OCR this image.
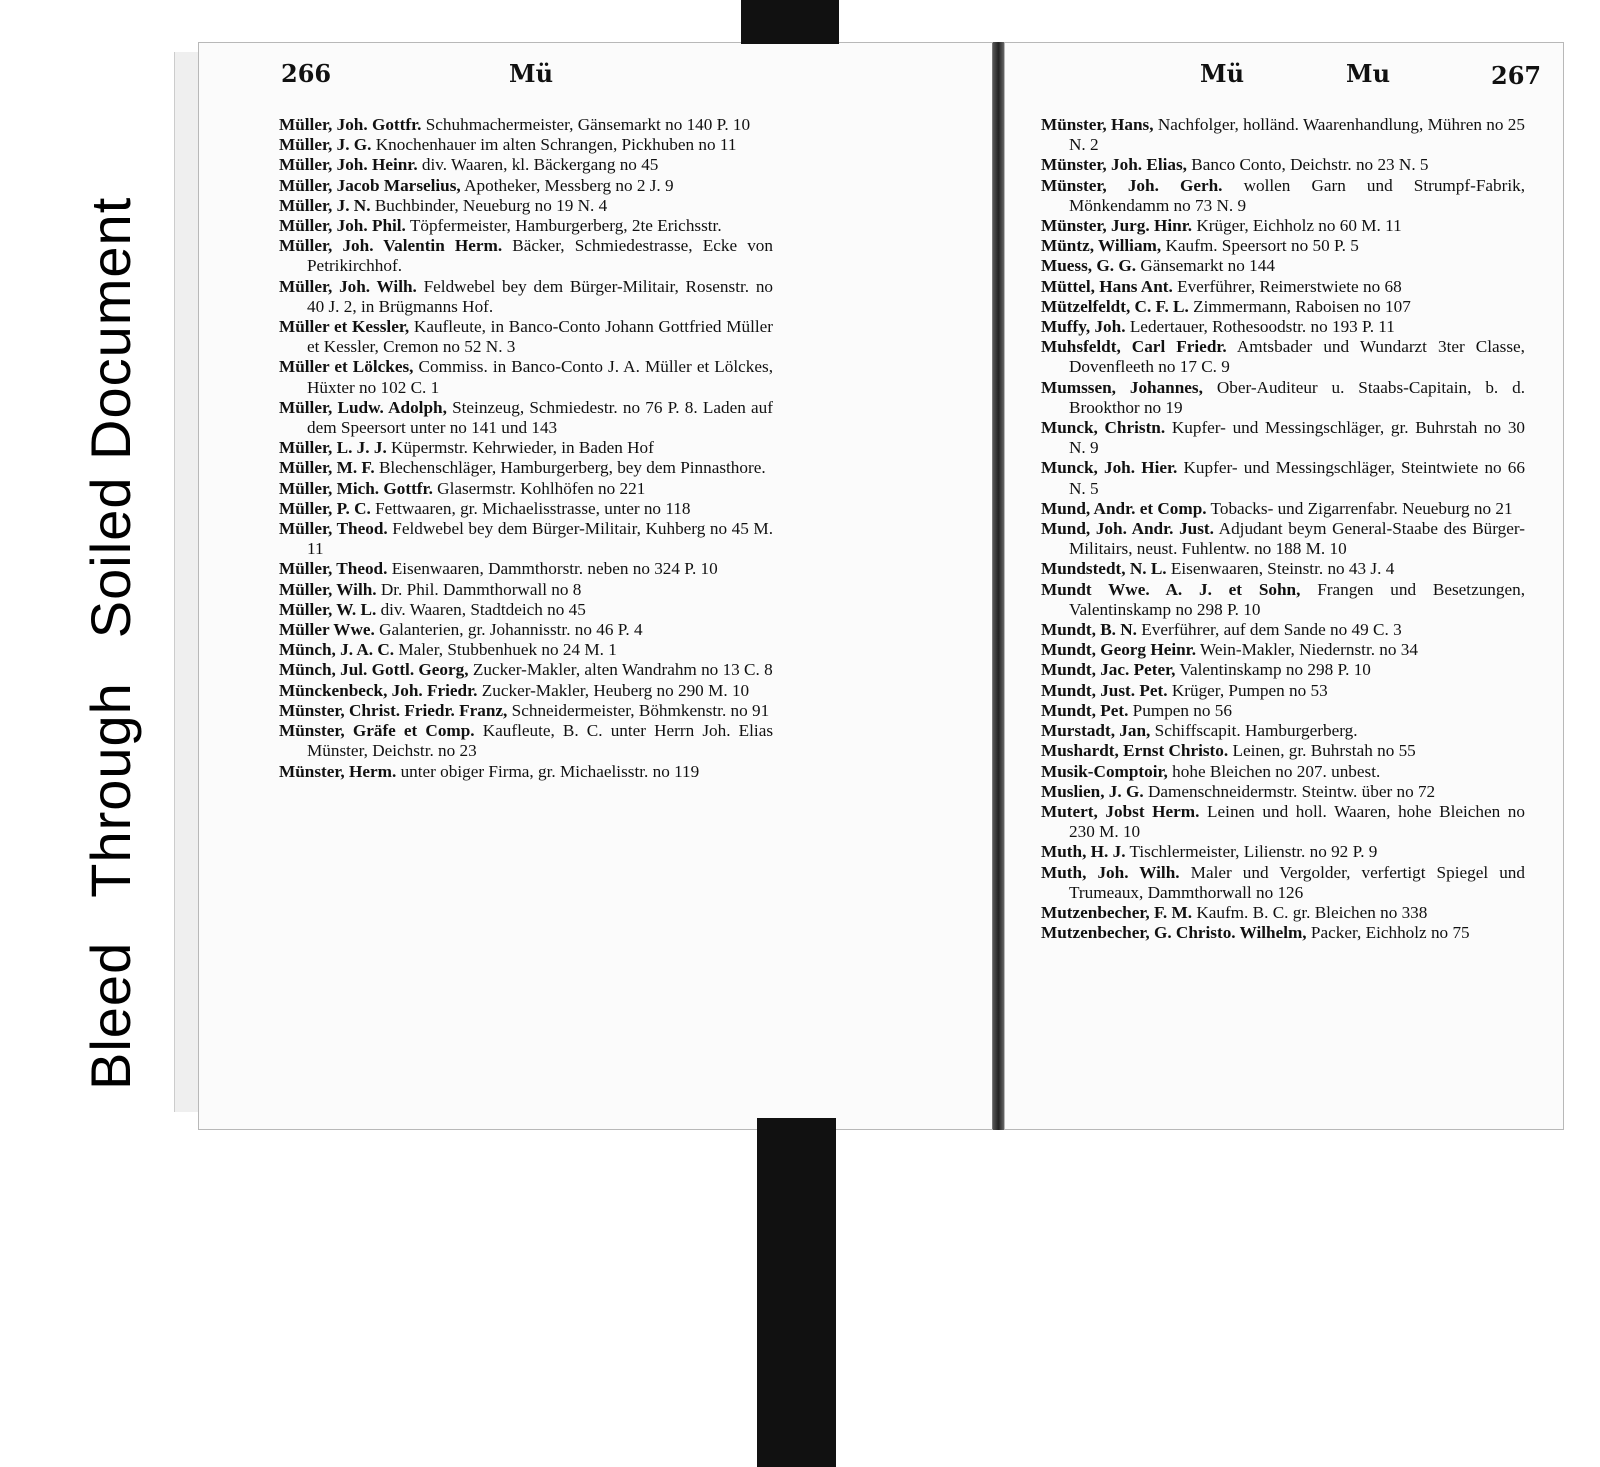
BleedThroughSoiled Document
266	Mü
Müller, Joh. Gottfr. Schuhmachermeister, Gänsemarkt no 140 P. 10
Müller, J. G. Knochenhauer im alten Schrangen, Pickhuben no 11
Müller, Joh. Heinr. div. Waaren, kl. Bäckergang no 45
Müller, Jacob Marselius, Apotheker, Messberg no 2 J. 9
Müller, J. N. Buchbinder, Neueburg no 19 N. 4
Müller, Joh. Phil. Töpfermeister, Hamburgerberg, 2te Erichsstr.
Müller, Joh. Valentin Herm. Bäcker, Schmiedestrasse, Ecke von Petrikirchhof.
Müller, Joh. Wilh. Feldwebel bey dem Bürger-Militair, Rosenstr. no 40 J. 2, in Brügmanns Hof.
Müller et Kessler, Kaufleute, in Banco-Conto Johann Gottfried Müller et Kessler, Cremon no 52 N. 3
Müller et Lölckes, Commiss. in Banco-Conto J. A. Müller et Lölckes, Hüxter no 102 C. 1
Müller, Ludw. Adolph, Steinzeug, Schmiedestr. no 76 P. 8. Laden auf dem Speersort unter no 141 und 143
Müller, L. J. J. Küpermstr. Kehrwieder, in Baden Hof
Müller, M. F. Blechenschläger, Hamburgerberg, bey dem Pinnasthore.
Müller, Mich. Gottfr. Glasermstr. Kohlhöfen no 221
Müller, P. C. Fettwaaren, gr. Michaelisstrasse, unter no 118
Müller, Theod. Feldwebel bey dem Bürger-Militair, Kuhberg no 45 M. 11
Müller, Theod. Eisenwaaren, Dammthorstr. neben no 324 P. 10
Müller, Wilh. Dr. Phil. Dammthorwall no 8
Müller, W. L. div. Waaren, Stadtdeich no 45
Müller Wwe. Galanterien, gr. Johannisstr. no 46 P. 4
Münch, J. A. C. Maler, Stubbenhuek no 24 M. 1
Münch, Jul. Gottl. Georg, Zucker-Makler, alten Wandrahm no 13 C. 8
Münckenbeck, Joh. Friedr. Zucker-Makler, Heuberg no 290 M. 10
Münster, Christ. Friedr. Franz, Schneidermeister, Böhmkenstr. no 91
Münster, Gräfe et Comp. Kaufleute, B. C. unter Herrn Joh. Elias Münster, Deichstr. no 23
Münster, Herm. unter obiger Firma, gr. Michaelisstr. no 119
Mü	Mu	267
Münster, Hans, Nachfolger, holländ. Waarenhandlung, Mühren no 25 N. 2
Münster, Joh. Elias, Banco Conto, Deichstr. no 23 N. 5
Münster, Joh. Gerh. wollen Garn und Strumpf-Fabrik, Mönkendamm no 73 N. 9
Münster, Jurg. Hinr. Krüger, Eichholz no 60 M. 11
Müntz, William, Kaufm. Speersort no 50 P. 5
Muess, G. G. Gänsemarkt no 144
Müttel, Hans Ant. Everführer, Reimerstwiete no 68
Mützelfeldt, C. F. L. Zimmermann, Raboisen no 107
Muffy, Joh. Ledertauer, Rothesoodstr. no 193 P. 11
Muhsfeldt, Carl Friedr. Amtsbader und Wundarzt 3ter Classe, Dovenfleeth no 17 C. 9
Mumssen, Johannes, Ober-Auditeur u. Staabs-Capitain, b. d. Brookthor no 19
Munck, Christn. Kupfer- und Messingschläger, gr. Buhrstah no 30 N. 9
Munck, Joh. Hier. Kupfer- und Messingschläger, Steintwiete no 66 N. 5
Mund, Andr. et Comp. Tobacks- und Zigarrenfabr. Neueburg no 21
Mund, Joh. Andr. Just. Adjudant beym General-Staabe des Bürger-Militairs, neust. Fuhlentw. no 188 M. 10
Mundstedt, N. L. Eisenwaaren, Steinstr. no 43 J. 4
Mundt Wwe. A. J. et Sohn, Frangen und Besetzungen, Valentinskamp no 298 P. 10
Mundt, B. N. Everführer, auf dem Sande no 49 C. 3
Mundt, Georg Heinr. Wein-Makler, Niedernstr. no 34
Mundt, Jac. Peter, Valentinskamp no 298 P. 10
Mundt, Just. Pet. Krüger, Pumpen no 53
Mundt, Pet. Pumpen no 56
Murstadt, Jan, Schiffscapit. Hamburgerberg.
Mushardt, Ernst Christo. Leinen, gr. Buhrstah no 55
Musik-Comptoir, hohe Bleichen no 207. unbest.
Muslien, J. G. Damenschneidermstr. Steintw. über no 72
Mutert, Jobst Herm. Leinen und holl. Waaren, hohe Bleichen no 230 M. 10
Muth, H. J. Tischlermeister, Lilienstr. no 92 P. 9
Muth, Joh. Wilh. Maler und Vergolder, verfertigt Spiegel und Trumeaux, Dammthorwall no 126
Mutzenbecher, F. M. Kaufm. B. C. gr. Bleichen no 338
Mutzenbecher, G. Christo. Wilhelm, Packer, Eichholz no 75
